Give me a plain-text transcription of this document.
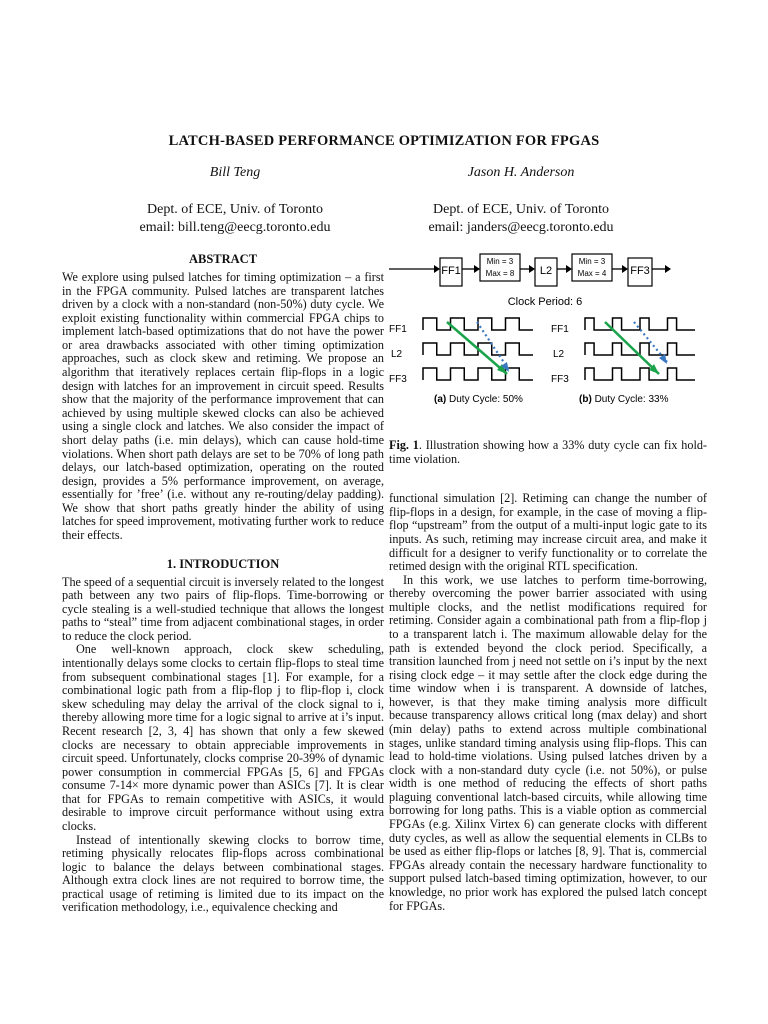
LATCH-BASED PERFORMANCE OPTIMIZATION FOR FPGAS
Bill Teng
Dept. of ECE, Univ. of Toronto
email: bill.teng@eecg.toronto.edu
Jason H. Anderson
Dept. of ECE, Univ. of Toronto
email: janders@eecg.toronto.edu
ABSTRACT

We explore using pulsed latches for timing optimization – a first in the FPGA community. Pulsed latches are transparent latches driven by a clock with a non-standard (non-50%) duty cycle. We exploit existing functionality within commercial FPGA chips to implement latch-based optimizations that do not have the power or area drawbacks associated with other timing optimization approaches, such as clock skew and retiming. We propose an algorithm that iteratively replaces certain flip-flops in a logic design with latches for an improvement in circuit speed. Results show that the majority of the performance improvement that can achieved by using multiple skewed clocks can also be achieved using a single clock and latches. We also consider the impact of short delay paths (i.e. min delays), which can cause hold-time violations. When short path delays are set to be 70% of long path delays, our latch-based optimization, operating on the routed design, provides a 5% performance improvement, on average, essentially for ’free’ (i.e. without any re-routing/delay padding). We show that short paths greatly hinder the ability of using latches for speed improvement, motivating further work to reduce their effects.

1. INTRODUCTION

The speed of a sequential circuit is inversely related to the longest path between any two pairs of flip-flops. Time-borrowing or cycle stealing is a well-studied technique that allows the longest paths to “steal” time from adjacent combinational stages, in order to reduce the clock period.

One well-known approach, clock skew scheduling, intentionally delays some clocks to certain flip-flops to steal time from subsequent combinational stages [1]. For example, for a combinational logic path from a flip-flop j to flip-flop i, clock skew scheduling may delay the arrival of the clock signal to i, thereby allowing more time for a logic signal to arrive at i’s input. Recent research [2, 3, 4] has shown that only a few skewed clocks are necessary to obtain appreciable improvements in circuit speed. Unfortunately, clocks comprise 20-39% of dynamic power consumption in commercial FPGAs [5, 6] and FPGAs consume 7-14× more dynamic power than ASICs [7]. It is clear that for FPGAs to remain competitive with ASICs, it would desirable to improve circuit performance without using extra clocks.

Instead of intentionally skewing clocks to borrow time, retiming physically relocates flip-flops across combinational logic to balance the delays between combinational stages. Although extra clock lines are not required to borrow time, the practical usage of retiming is limited due to its impact on the verification methodology, i.e., equivalence checking and

FF1
Min = 3
Max = 8 L2
Min = 3
Max = 4 FF3
Clock Period: 6
FF1
L2
FF3
(a) Duty Cycle: 50%
FF1
L2
FF3
(b) Duty Cycle: 33%
Fig. 1. Illustration showing how a 33% duty cycle can fix hold-time violation.

functional simulation [2]. Retiming can change the number of flip-flops in a design, for example, in the case of moving a flip-flop “upstream” from the output of a multi-input logic gate to its inputs. As such, retiming may increase circuit area, and make it difficult for a designer to verify functionality or to correlate the retimed design with the original RTL specification.

In this work, we use latches to perform time-borrowing, thereby overcoming the power barrier associated with using multiple clocks, and the netlist modifications required for retiming. Consider again a combinational path from a flip-flop j to a transparent latch i. The maximum allowable delay for the path is extended beyond the clock period. Specifically, a transition launched from j need not settle on i’s input by the next rising clock edge – it may settle after the clock edge during the time window when i is transparent. A downside of latches, however, is that they make timing analysis more difficult because transparency allows critical long (max delay) and short (min delay) paths to extend across multiple combinational stages, unlike standard timing analysis using flip-flops. This can lead to hold-time violations. Using pulsed latches driven by a clock with a non-standard duty cycle (i.e. not 50%), or pulse width is one method of reducing the effects of short paths plaguing conventional latch-based circuits, while allowing time borrowing for long paths. This is a viable option as commercial FPGAs (e.g. Xilinx Virtex 6) can generate clocks with different duty cycles, as well as allow the sequential elements in CLBs to be used as either flip-flops or latches [8, 9]. That is, commercial FPGAs already contain the necessary hardware functionality to support pulsed latch-based timing optimization, however, to our knowledge, no prior work has explored the pulsed latch concept for FPGAs.
